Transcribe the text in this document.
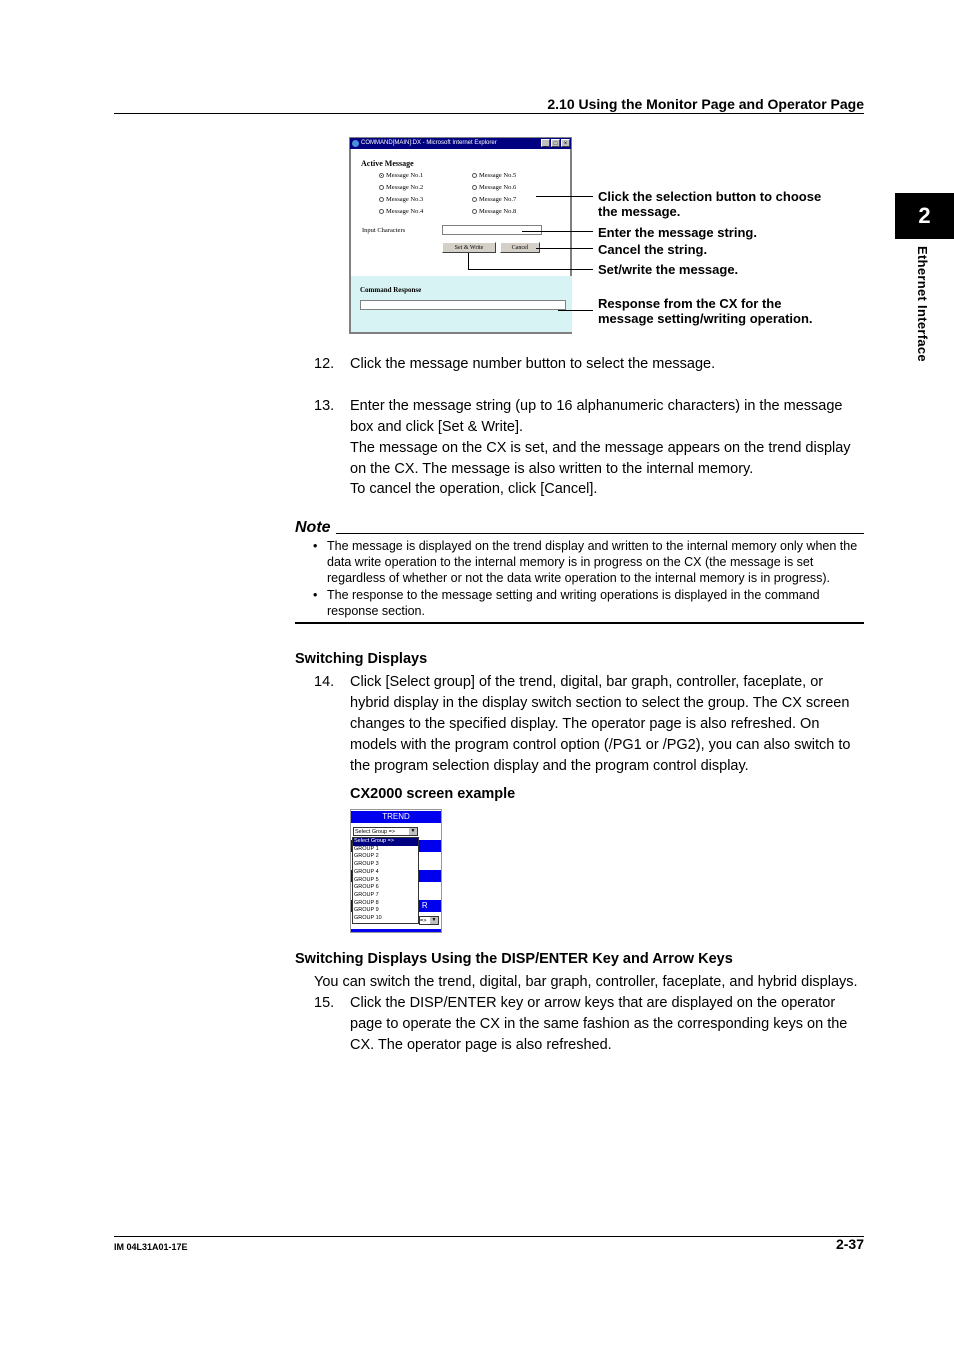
2.10 Using the Monitor Page and Operator Page
2
Ethernet Interface
COMMAND[MAIN]:DX - Microsoft Internet Explorer	_	□	×
Active Message
Message No.1
Message No.2
Message No.3
Message No.4
Message No.5
Message No.6
Message No.7
Message No.8
Input Characters
Set & Write	Cancel
Command Response
Click the selection button to choose the message.
Enter the message string.
Cancel the string.
Set/write the message.
Response from the CX for the message setting/writing operation.
12. Click the message number button to select the message.
13. Enter the message string (up to 16 alphanumeric characters) in the message box and click [Set & Write].
The message on the CX is set, and the message appears on the trend display on the CX. The message is also written to the internal memory.
To cancel the operation, click [Cancel].
Note
• The message is displayed on the trend display and written to the internal memory only when the data write operation to the internal memory is in progress on the CX (the message is set regardless of whether or not the data write operation to the internal memory is in progress).
• The response to the message setting and writing operations is displayed in the command response section.
Switching Displays
14. Click [Select group] of the trend, digital, bar graph, controller, faceplate, or hybrid display in the display switch section to select the group. The CX screen changes to the specified display. The operator page is also refreshed. On models with the program control option (/PG1 or /PG2), you can also switch to the program selection display and the program control display.
CX2000 screen example
TREND
Select Group =>	▼
R
Select Group =>
GROUP 1
GROUP 2
GROUP 3
GROUP 4
GROUP 5
GROUP 6
GROUP 7
GROUP 8
GROUP 9
GROUP 10	=>	▼
Switching Displays Using the DISP/ENTER Key and Arrow Keys
You can switch the trend, digital, bar graph, controller, faceplate, and hybrid displays.
15. Click the DISP/ENTER key or arrow keys that are displayed on the operator page to operate the CX in the same fashion as the corresponding keys on the CX. The operator page is also refreshed.
IM 04L31A01-17E	2-37
